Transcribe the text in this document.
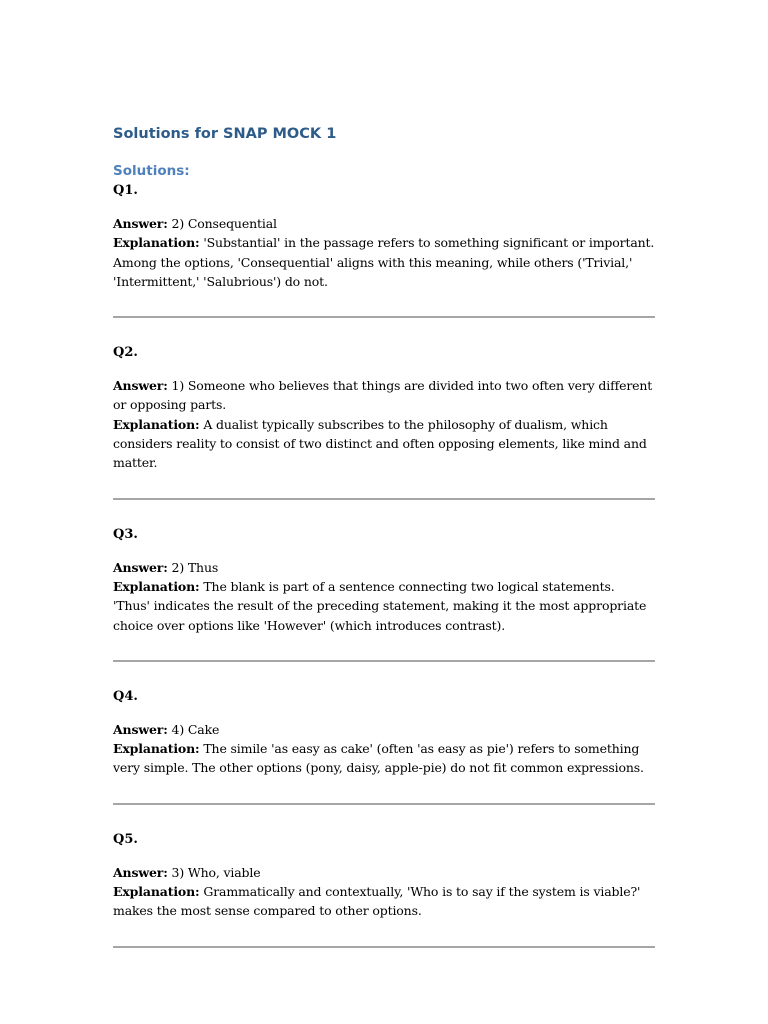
Solutions for SNAP MOCK 1
Solutions:

Q1.

Answer: 2) Consequential
Explanation: 'Substantial' in the passage refers to something significant or important. Among the options, 'Consequential' aligns with this meaning, while others ('Trivial,' 'Intermittent,' 'Salubrious') do not.

Q2.

Answer: 1) Someone who believes that things are divided into two often very different or opposing parts.
Explanation: A dualist typically subscribes to the philosophy of dualism, which considers reality to consist of two distinct and often opposing elements, like mind and matter.

Q3.

Answer: 2) Thus
Explanation: The blank is part of a sentence connecting two logical statements. 'Thus' indicates the result of the preceding statement, making it the most appropriate choice over options like 'However' (which introduces contrast).

Q4.

Answer: 4) Cake
Explanation: The simile 'as easy as cake' (often 'as easy as pie') refers to something very simple. The other options (pony, daisy, apple-pie) do not fit common expressions.

Q5.

Answer: 3) Who, viable
Explanation: Grammatically and contextually, 'Who is to say if the system is viable?' makes the most sense compared to other options.
